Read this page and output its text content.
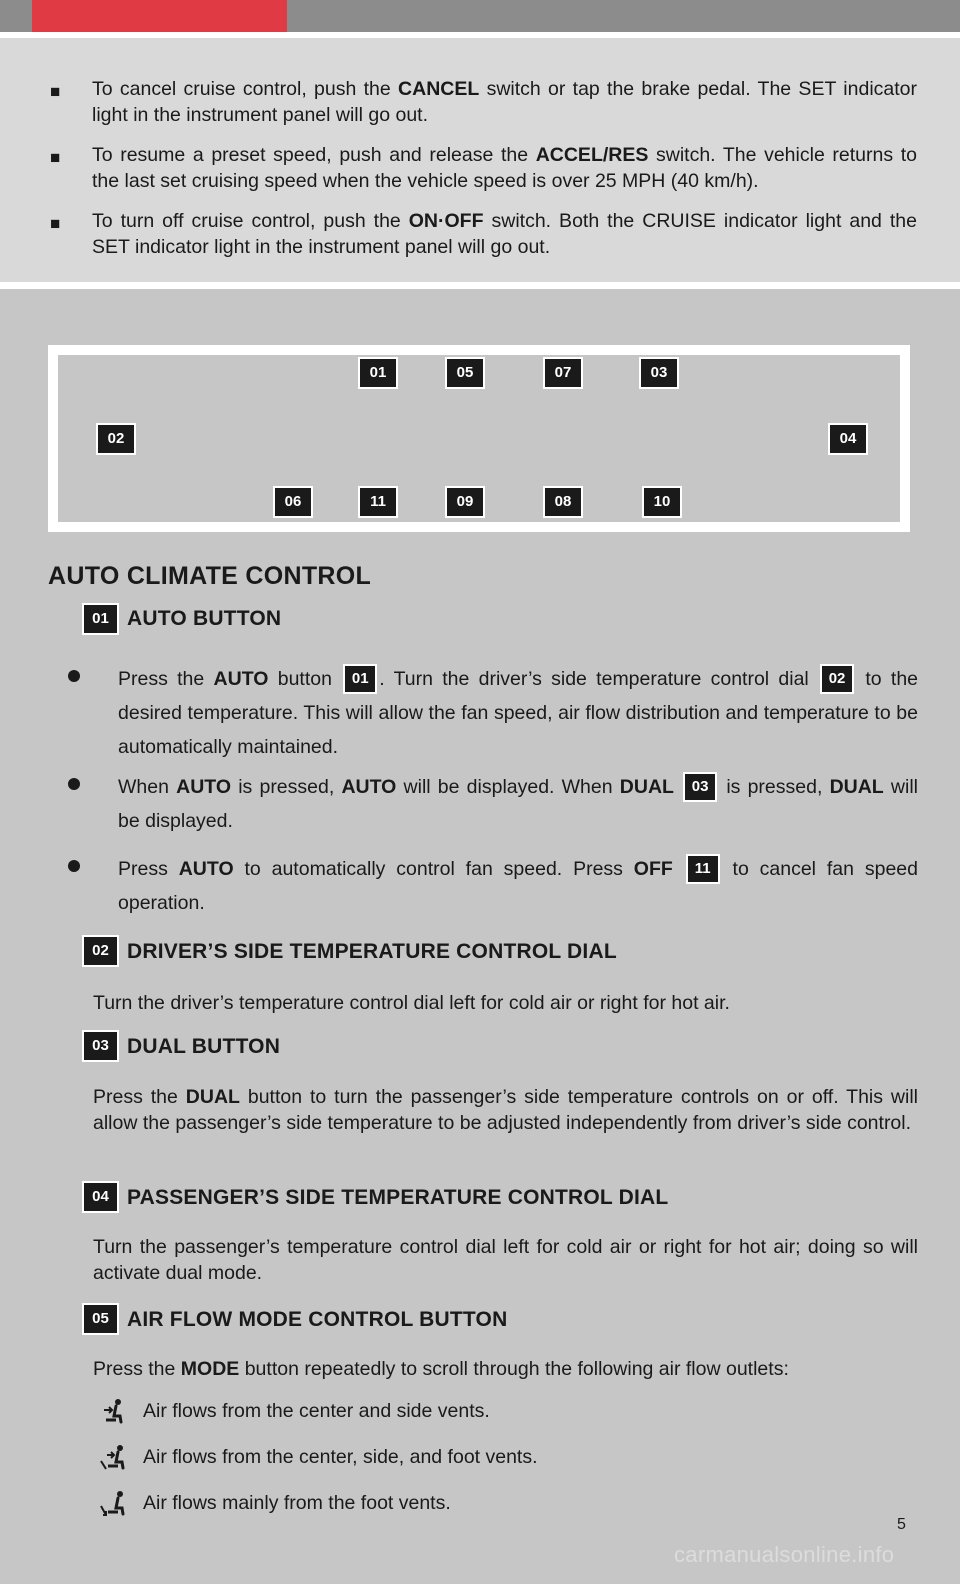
■	To cancel cruise control, push the CANCEL switch or tap the brake pedal. The SET indicator light in the instrument panel will go out.
■	To resume a preset speed, push and release the ACCEL/RES switch. The vehicle returns to the last set cruising speed when the vehicle speed is over 25 MPH (40 km/h).
■	To turn off cruise control, push the ON·OFF switch. Both the CRUISE indicator light and the SET indicator light in the instrument panel will go out.
01	05	07	03
02	04
06	11	09	08	10
AUTO CLIMATE CONTROL
01 AUTO BUTTON
Press the AUTO button 01 . Turn the driver’s side temperature control dial 02 to the desired temperature. This will allow the fan speed, air flow distribution and temperature to be automatically maintained.
When AUTO is pressed, AUTO will be displayed. When DUAL 03 is pressed, DUAL will be displayed.
Press AUTO to automatically control fan speed. Press OFF 11 to cancel fan speed operation.
02 DRIVER’S SIDE TEMPERATURE CONTROL DIAL
Turn the driver’s temperature control dial left for cold air or right for hot air.
03 DUAL BUTTON
Press the DUAL button to turn the passenger’s side temperature controls on or off. This will allow the passenger’s side temperature to be adjusted independently from driver’s side control.
04 PASSENGER’S SIDE TEMPERATURE CONTROL DIAL
Turn the passenger’s temperature control dial left for cold air or right for hot air; doing so will activate dual mode.
05 AIR FLOW MODE CONTROL BUTTON
Press the MODE button repeatedly to scroll through the following air flow outlets:
Air flows from the center and side vents.
Air flows from the center, side, and foot vents.
Air flows mainly from the foot vents.
5
carmanualsonline.info
